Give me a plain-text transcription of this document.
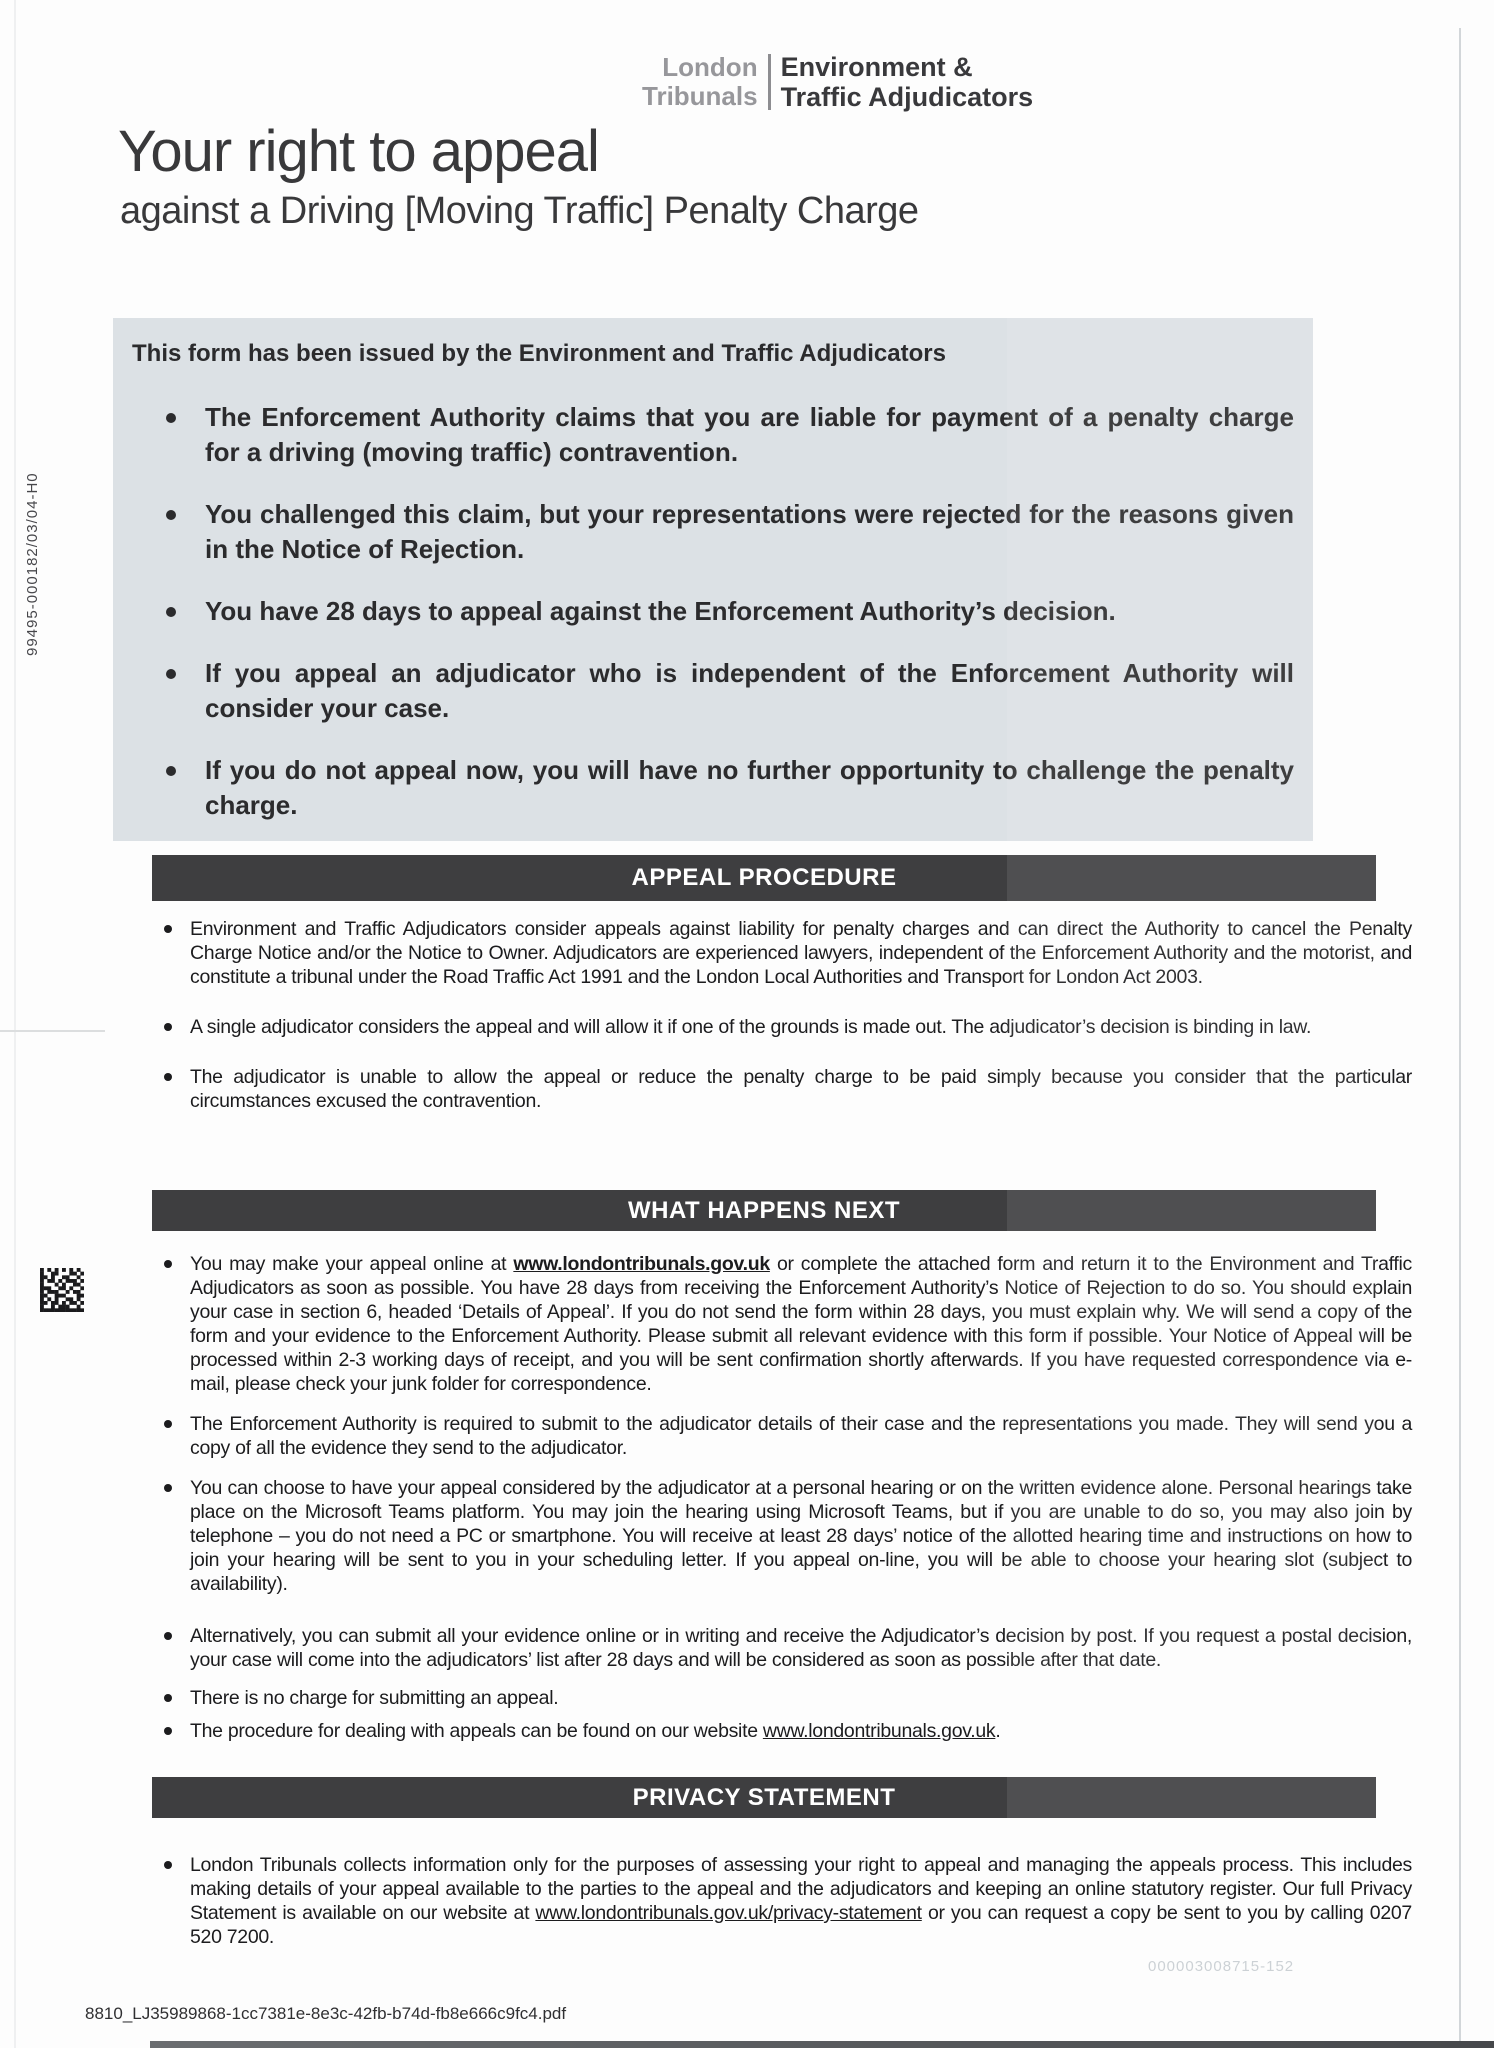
99495-000182/03/04-H0
London
Tribunals
Environment &
Traffic Adjudicators
Your right to appeal
against a Driving [Moving Traffic] Penalty Charge
This form has been issued by the Environment and Traffic Adjudicators
The Enforcement Authority claims that you are liable for payment of a penalty charge for a driving (moving traffic) contravention.
You challenged this claim, but your representations were rejected for the reasons given in the Notice of Rejection.
You have 28 days to appeal against the Enforcement Authority’s decision.
If you appeal an adjudicator who is independent of the Enforcement Authority will consider your case.
If you do not appeal now, you will have no further opportunity to challenge the penalty charge.
APPEAL PROCEDURE
Environment and Traffic Adjudicators consider appeals against liability for penalty charges and can direct the Authority to cancel the Penalty Charge Notice and/or the Notice to Owner. Adjudicators are experienced lawyers, independent of the Enforcement Authority and the motorist, and constitute a tribunal under the Road Traffic Act 1991 and the London Local Authorities and Transport for London Act 2003.
A single adjudicator considers the appeal and will allow it if one of the grounds is made out. The adjudicator’s decision is binding in law.
The adjudicator is unable to allow the appeal or reduce the penalty charge to be paid simply because you consider that the particular circumstances excused the contravention.
WHAT HAPPENS NEXT
You may make your appeal online at www.londontribunals.gov.uk or complete the attached form and return it to the Environment and Traffic Adjudicators as soon as possible. You have 28 days from receiving the Enforcement Authority’s Notice of Rejection to do so. You should explain your case in section 6, headed ‘Details of Appeal’. If you do not send the form within 28 days, you must explain why. We will send a copy of the form and your evidence to the Enforcement Authority. Please submit all relevant evidence with this form if possible. Your Notice of Appeal will be processed within 2-3 working days of receipt, and you will be sent confirmation shortly afterwards. If you have requested correspondence via e-mail, please check your junk folder for correspondence.
The Enforcement Authority is required to submit to the adjudicator details of their case and the representations you made. They will send you a copy of all the evidence they send to the adjudicator.
You can choose to have your appeal considered by the adjudicator at a personal hearing or on the written evidence alone. Personal hearings take place on the Microsoft Teams platform. You may join the hearing using Microsoft Teams, but if you are unable to do so, you may also join by telephone – you do not need a PC or smartphone. You will receive at least 28 days’ notice of the allotted hearing time and instructions on how to join your hearing will be sent to you in your scheduling letter. If you appeal on-line, you will be able to choose your hearing slot (subject to availability).
Alternatively, you can submit all your evidence online or in writing and receive the Adjudicator’s decision by post. If you request a postal decision, your case will come into the adjudicators’ list after 28 days and will be considered as soon as possible after that date.
There is no charge for submitting an appeal.
The procedure for dealing with appeals can be found on our website www.londontribunals.gov.uk.
PRIVACY STATEMENT
London Tribunals collects information only for the purposes of assessing your right to appeal and managing the appeals process. This includes making details of your appeal available to the parties to the appeal and the adjudicators and keeping an online statutory register. Our full Privacy Statement is available on our website at www.londontribunals.gov.uk/privacy-statement or you can request a copy be sent to you by calling 0207 520 7200.
000003008715-152
8810_LJ35989868-1cc7381e-8e3c-42fb-b74d-fb8e666c9fc4.pdf
